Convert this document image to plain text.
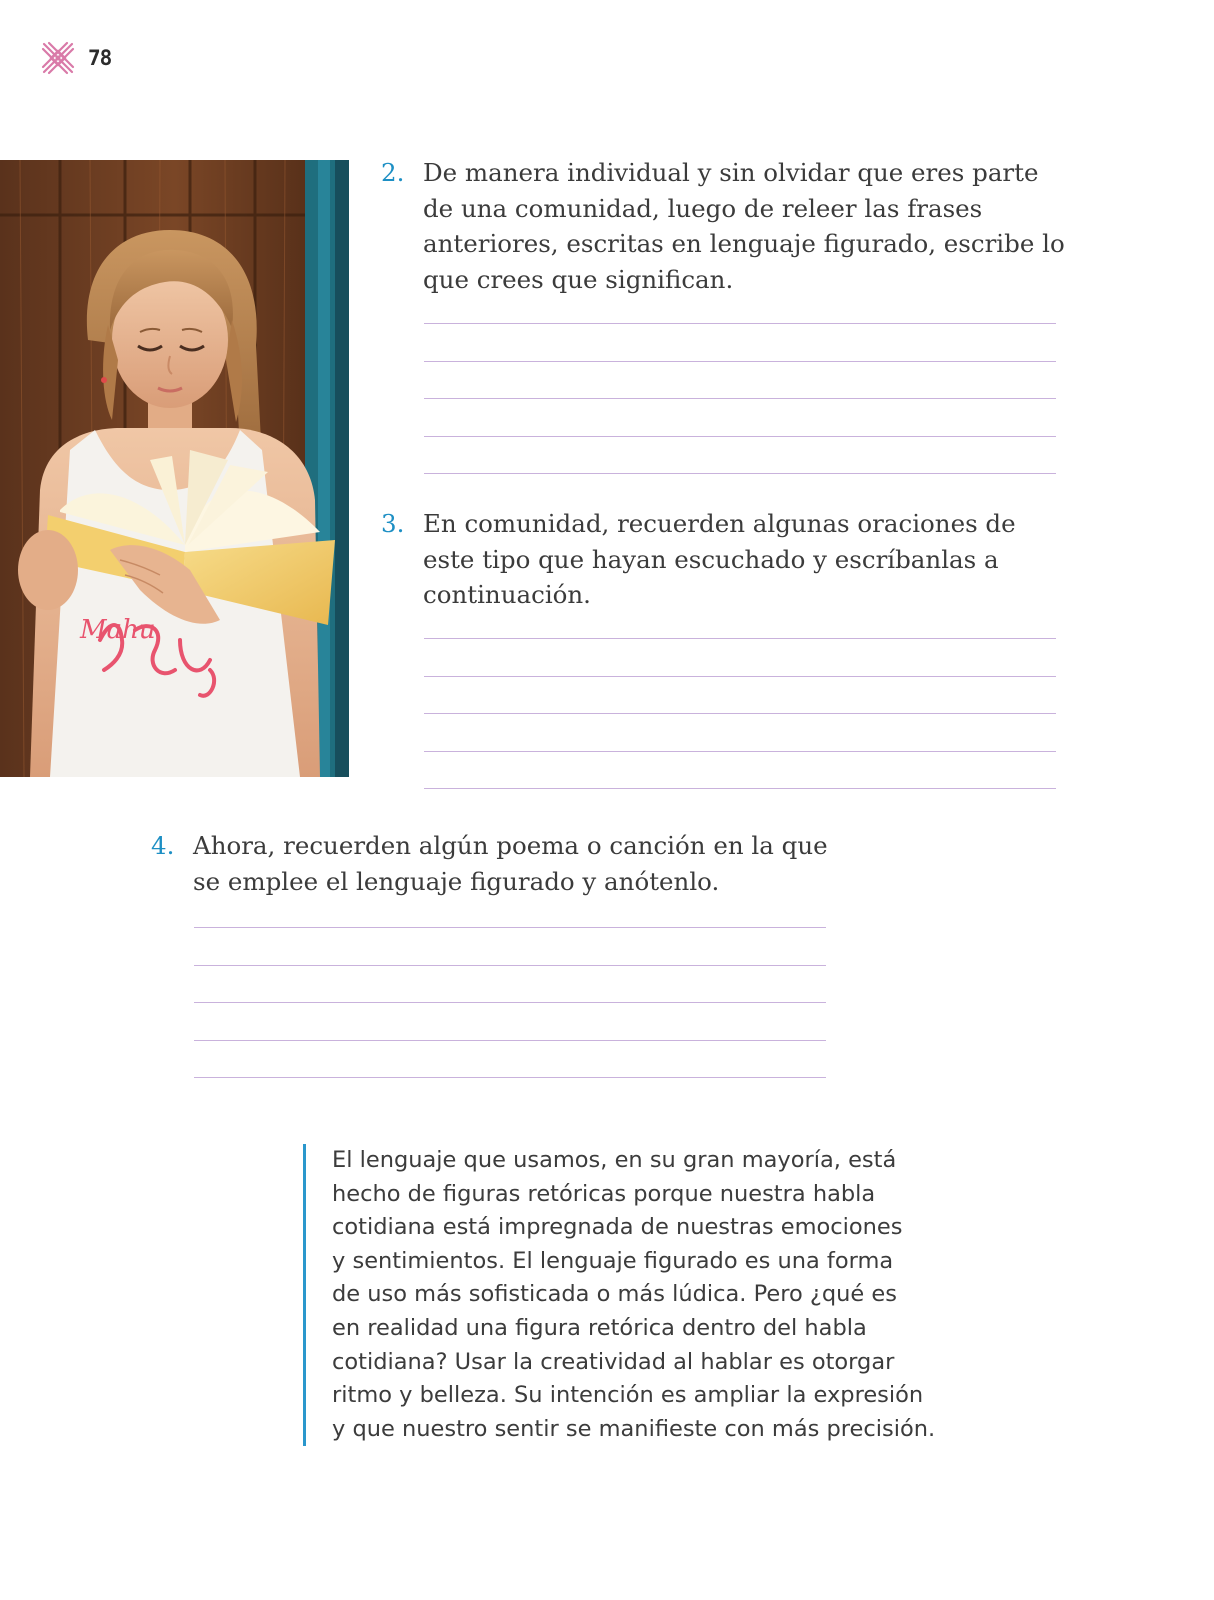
78
Mahu
2. De manera individual y sin olvidar que eres parte
de una comunidad, luego de releer las frases
anteriores, escritas en lenguaje figurado, escribe lo
que crees que significan.

3. En comunidad, recuerden algunas oraciones de
este tipo que hayan escuchado y escríbanlas a
continuación.

4. Ahora, recuerden algún poema o canción en la que
se emplee el lenguaje figurado y anótenlo.

El lenguaje que usamos, en su gran mayoría, está
hecho de figuras retóricas porque nuestra habla
cotidiana está impregnada de nuestras emociones
y sentimientos. El lenguaje figurado es una forma
de uso más sofisticada o más lúdica. Pero ¿qué es
en realidad una figura retórica dentro del habla
cotidiana? Usar la creatividad al hablar es otorgar
ritmo y belleza. Su intención es ampliar la expresión
y que nuestro sentir se manifieste con más precisión.
